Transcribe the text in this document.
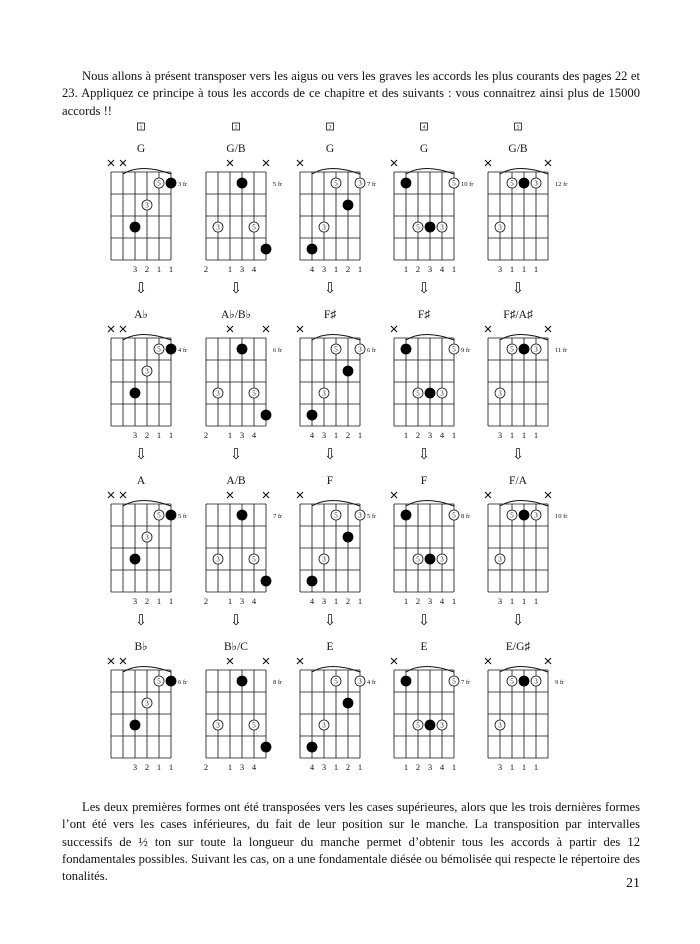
Nous allons à présent transposer vers les aigus ou vers les graves les accords les plus courants des pages 22 et 23. Appliquez ce principe à tous les accords de ce chapitre et des suivants : vous connaitrez ainsi plus de 15000 accords !!

1
G
5
3
3 fr
3 2 1 1
2
G/B
3	5
5 fr
2 1 3 4
3
G
5	3
3
7 fr
4 3 1 2 1
4
G
5
5	3
10 fr
1 2 3 4 1
5
G/B
5	3
3
12 fr
3 1 1 1
⇩
A♭
5
3
4 fr
3 2 1 1
⇩
A♭/B♭
3	5
6 fr
2 1 3 4
⇩
F♯
5	3
3
6 fr
4 3 1 2 1
⇩
F♯
5
5	3
9 fr
1 2 3 4 1
⇩
F♯/A♯
5	3
3
11 fr
3 1 1 1
⇩
A
5
3
5 fr
3 2 1 1
⇩
A/B
3	5
7 fr
2 1 3 4
⇩
F
5	3
3
5 fr
4 3 1 2 1
⇩
F
5
5	3
8 fr
1 2 3 4 1
⇩
F/A
5	3
3
10 fr
3 1 1 1
⇩
B♭
5
3
6 fr
3 2 1 1
⇩
B♭/C
3	5
8 fr
2 1 3 4
⇩
E
5	3
3
4 fr
4 3 1 2 1
⇩
E
5
5	3
7 fr
1 2 3 4 1
⇩
E/G♯
5	3
3
9 fr
3 1 1 1

Les deux premières formes ont été transposées vers les cases supérieures, alors que les trois dernières formes l’ont été vers les cases inférieures, du fait de leur position sur le manche. La transposition par intervalles successifs de ½ ton sur toute la longueur du manche permet d’obtenir tous les accords à partir des 12 fondamentales possibles. Suivant les cas, on a une fondamentale diésée ou bémolisée qui respecte le répertoire des tonalités.	21
